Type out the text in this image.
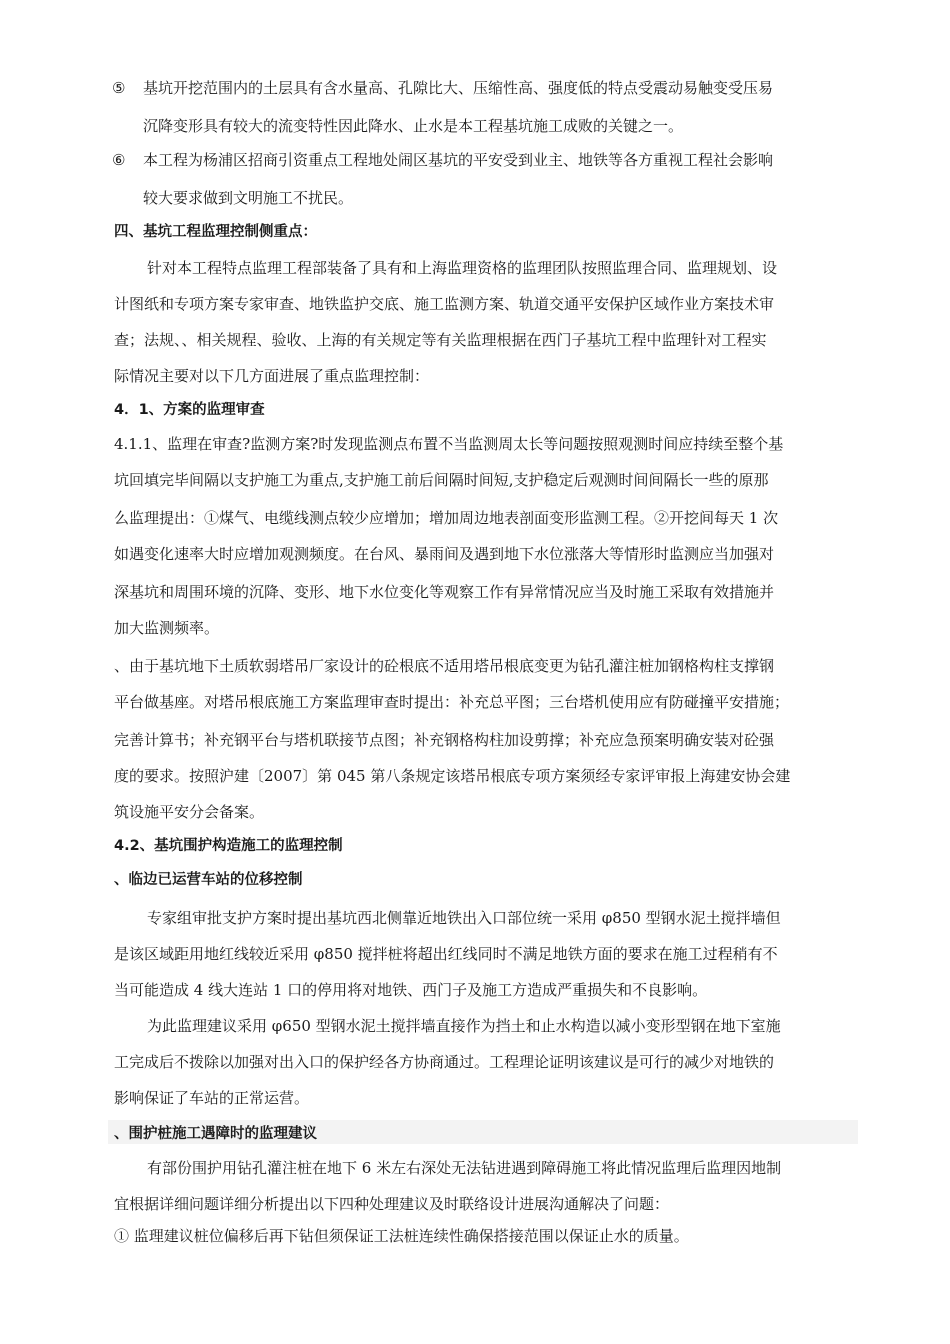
⑤ 基坑开挖范围内的土层具有含水量高、孔隙比大、压缩性高、强度低的特点受震动易触变受压易
沉降变形具有较大的流变特性因此降水、止水是本工程基坑施工成败的关键之一。
⑥ 本工程为杨浦区招商引资重点工程地处闹区基坑的平安受到业主、地铁等各方重视工程社会影响
较大要求做到文明施工不扰民。
四、基坑工程监理控制侧重点：
针对本工程特点监理工程部装备了具有和上海监理资格的监理团队按照监理合同、监理规划、设
计图纸和专项方案专家审查、地铁监护交底、施工监测方案、轨道交通平安保护区域作业方案技术审
查；法规、、相关规程、验收、上海的有关规定等有关监理根据在西门子基坑工程中监理针对工程实
际情况主要对以下几方面进展了重点监理控制：
4．1、方案的监理审查
4.1.1、监理在审查?监测方案?时发现监测点布置不当监测周太长等问题按照观测时间应持续至整个基
坑回填完毕间隔以支护施工为重点,支护施工前后间隔时间短,支护稳定后观测时间间隔长一些的原那
么监理提出：①煤气、电缆线测点较少应增加；增加周边地表剖面变形监测工程。②开挖间每天 1 次
如遇变化速率大时应增加观测频度。在台风、暴雨间及遇到地下水位涨落大等情形时监测应当加强对
深基坑和周围环境的沉降、变形、地下水位变化等观察工作有异常情况应当及时施工采取有效措施并
加大监测频率。
、由于基坑地下土质软弱塔吊厂家设计的砼根底不适用塔吊根底变更为钻孔灌注桩加钢格构柱支撑钢
平台做基座。对塔吊根底施工方案监理审查时提出：补充总平图；三台塔机使用应有防碰撞平安措施；
完善计算书；补充钢平台与塔机联接节点图；补充钢格构柱加设剪撑；补充应急预案明确安装对砼强
度的要求。按照沪建〔2007〕第 045 第八条规定该塔吊根底专项方案须经专家评审报上海建安协会建
筑设施平安分会备案。
4.2、基坑围护构造施工的监理控制
、临边已运营车站的位移控制
专家组审批支护方案时提出基坑西北侧靠近地铁出入口部位统一采用 φ850 型钢水泥土搅拌墙但
是该区域距用地红线较近采用 φ850 搅拌桩将超出红线同时不满足地铁方面的要求在施工过程稍有不
当可能造成 4 线大连站 1 口的停用将对地铁、西门子及施工方造成严重损失和不良影响。
为此监理建议采用 φ650 型钢水泥土搅拌墙直接作为挡土和止水构造以减小变形型钢在地下室施
工完成后不拨除以加强对出入口的保护经各方协商通过。工程理论证明该建议是可行的减少对地铁的
影响保证了车站的正常运营。
、围护桩施工遇障时的监理建议
有部份围护用钻孔灌注桩在地下 6 米左右深处无法钻进遇到障碍施工将此情况监理后监理因地制
宜根据详细问题详细分析提出以下四种处理建议及时联络设计进展沟通解决了问题：
① 监理建议桩位偏移后再下钻但须保证工法桩连续性确保搭接范围以保证止水的质量。
